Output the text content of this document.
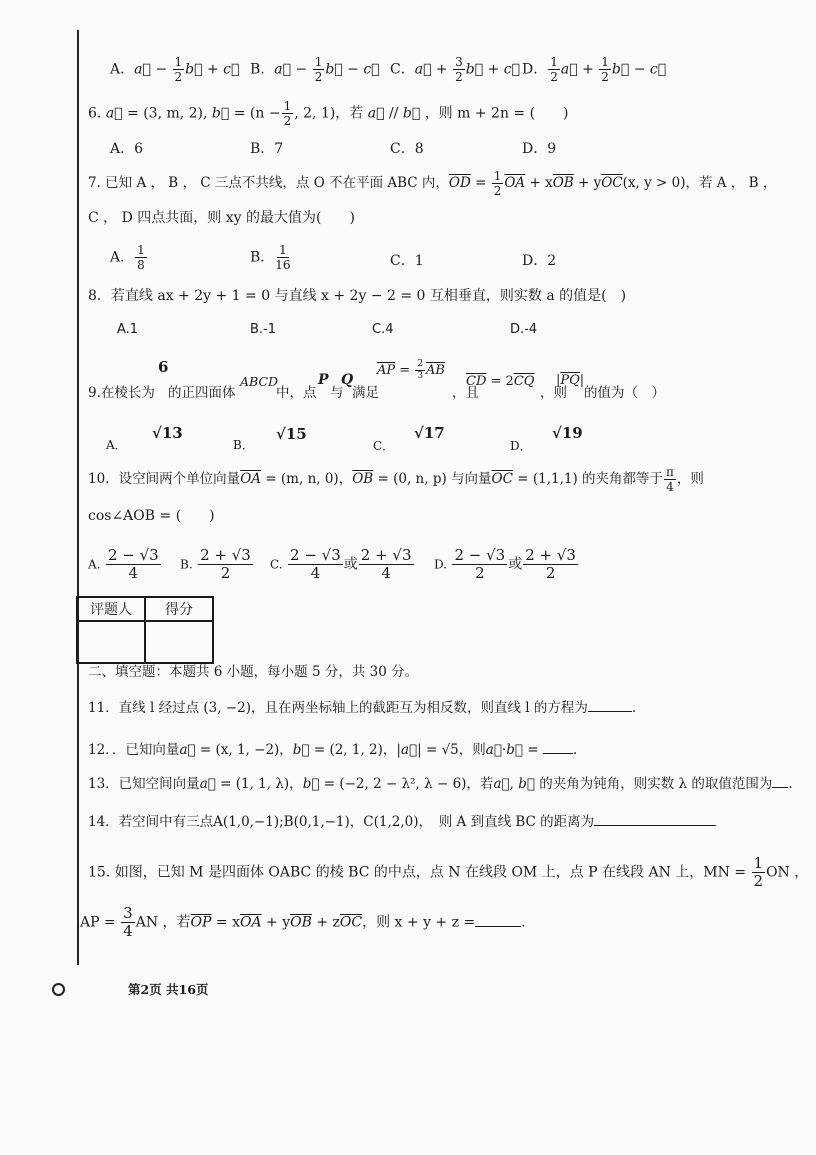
A．a⃗ − $\frac{1}{2}$ b⃗ + c⃗ B．a⃗ − $\frac{1}{2}$ b⃗ − c⃗ C．a⃗ + $\frac{3}{2}$ b⃗ + c⃗ D． $\frac{1}{2}$ a⃗ + $\frac{1}{2}$ b⃗ − c⃗
6. a⃗ = (3, m, 2), b⃗ = ($n - \frac{1}{2}$ , 2, 1)，若 a⃗ // b⃗ ，则 m + 2n = (　　)
A．6	B．7	C．8	D．9
7. 已知 A ， B ， C 三点不共线，点 O 不在平面 ABC 内，$\overline{OD} = \frac{1}{2} \overline{OA} + x\overline{OB} + y\overline{OC}(x$, y > 0)，若 A ， B ，
C ， D 四点共面，则 xy 的最大值为(　　)
A． $\frac{1}{8}$	B． $\frac{1}{16}$	C．1	D．2
8．若直线 ax + 2y + 1 = 0 与直线 x + 2y − 2 = 0 互相垂直，则实数 a 的值是(　)
A.1	B.-1	C.4	D.-4
9.在棱长为
6
的正四面体
ABCD
中，点
P
与
Q
满足
$\overline{AP} = \frac{2}{3} \overline{AB}$
，且
$\overline{CD} = 2\overline{CQ}$
，则
$|\overline{PQ}|$
的值为（　）
A．
√13
B．
√15
C．
√17
D．
√19
10．设空间两个单位向量$\overline{OA} = (m$, n, 0)，$\overline{OB} = (0$, n, p) 与向量$\overline{OC} = (1,1,1)$ 的夹角都等于 $\frac{\pi}{4}$ ，则
cos∠AOB = (　　)
A. $\frac{2 - √3}{4} B$. $\frac{2 + √3}{2} C$. $\frac{2 - √3}{4}$ 或 $\frac{2 + √3}{4} D$. $\frac{2 - √3}{2}$ 或 $\frac{2 + √3}{2}$
评题人	得分

二、填空题：本题共 6 小题，每小题 5 分，共 30 分。
11．直线 l 经过点 (3, −2)，且在两坐标轴上的截距互为相反数，则直线 l 的方程为	.
12．．已知向量a⃗ = (x, 1, −2)，b⃗ = (2, 1, 2)，|a⃗| = √5，则a⃗·b⃗ =	.
13．已知空间向量a⃗ = (1, 1, λ)，b⃗ = (−2, 2 − λ², λ − 6)，若a⃗, b⃗ 的夹角为钝角，则实数 λ 的取值范围为 .
14．若空间中有三点A(1,0,−1);B(0,1,−1)，C(1,2,0)，　则 A 到直线 BC 的距离为
15. 如图，已知 M 是四面体 OABC 的棱 BC 的中点，点 N 在线段 OM 上，点 P 在线段 AN 上，MN = $\frac{1}{2}$ ON ，
AP = $\frac{3}{4}$ AN ，若$\overline{OP} = x\overline{OA} + y\overline{OB} + z\overline{OC}$，则 x + y + z =	.
第2页 共16页
